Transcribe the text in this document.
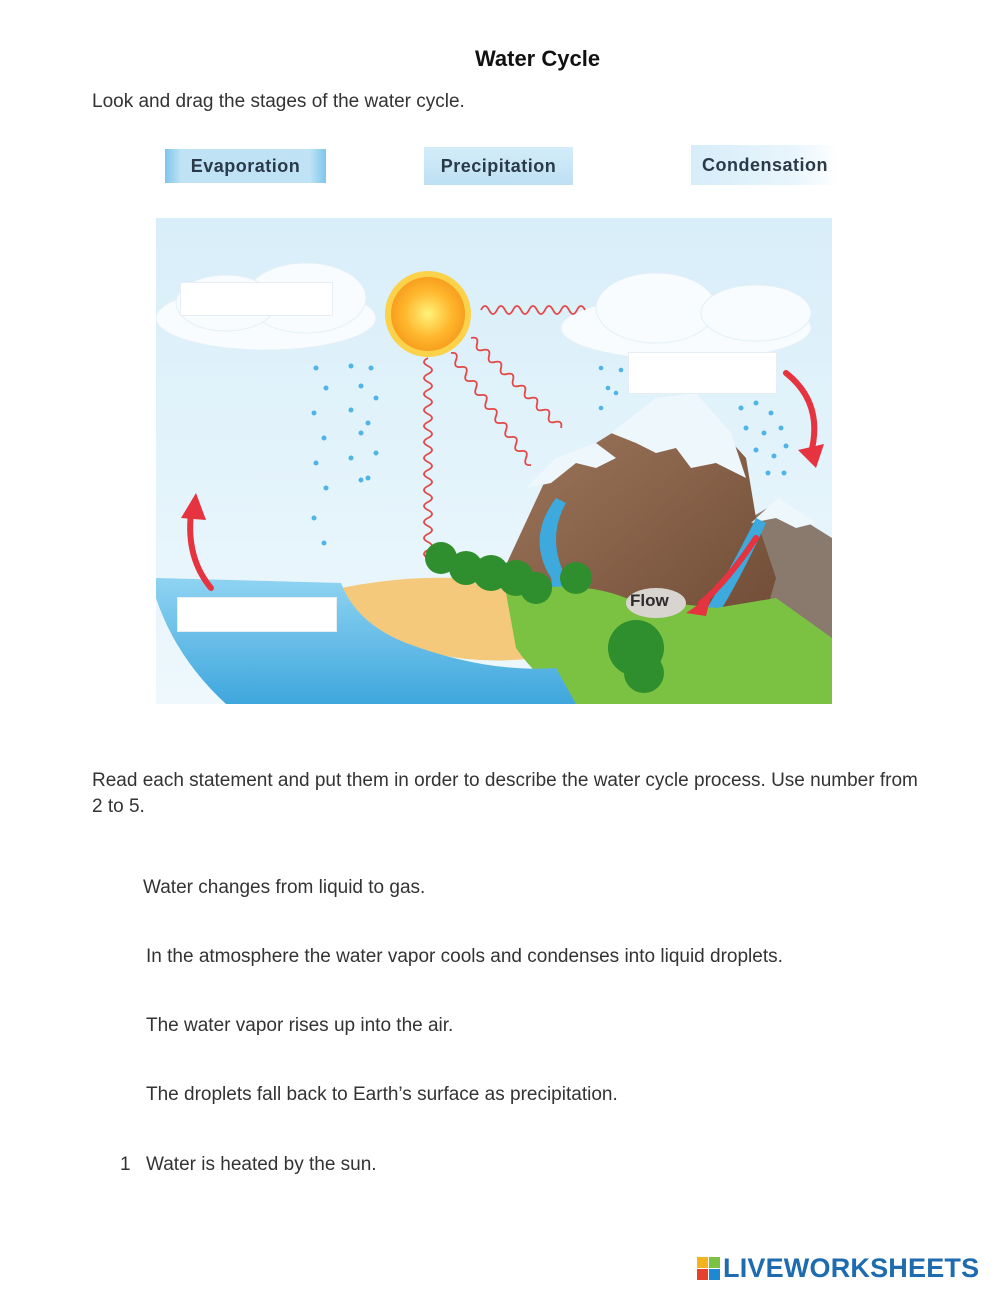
Water Cycle
Look and drag the stages of the water cycle.
Evaporation	Precipitation	Condensation
Flow
Read each statement and put them in order to describe the water cycle process. Use number from 2 to 5.
Water changes from liquid to gas.
In the atmosphere the water vapor cools and condenses into liquid droplets.
The water vapor rises up into the air.
The droplets fall back to Earth’s surface as precipitation.
1 Water is heated by the sun.
LIVEWORKSHEETS
